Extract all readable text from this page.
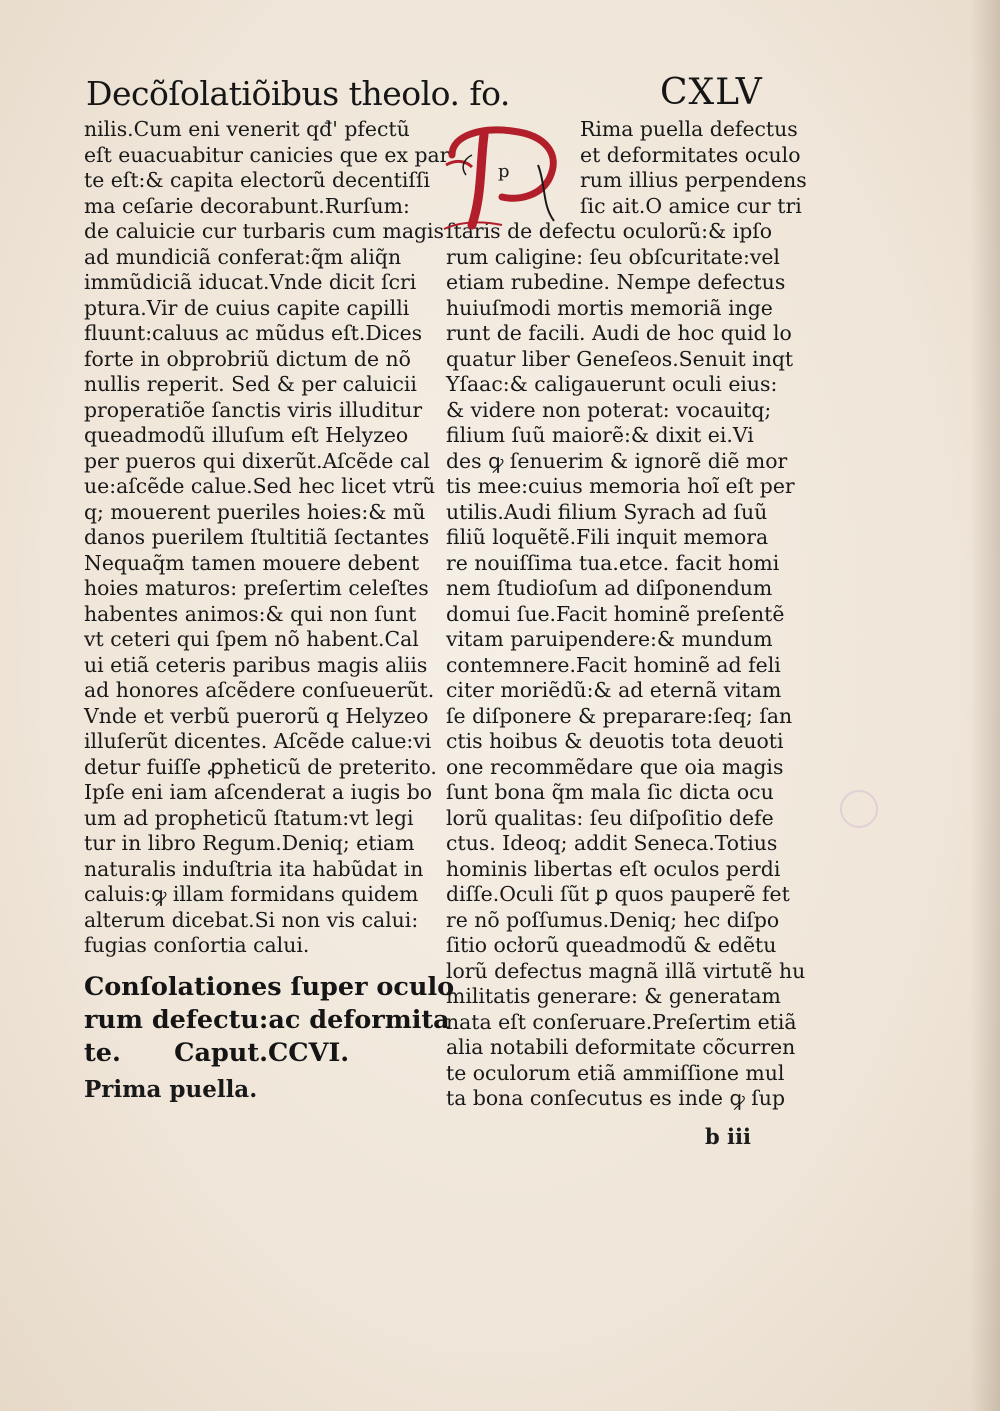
Decõſolatiõibus theolo. fo.	CXLV
nilis.Cum eni venerit qđ' pfectũ
eſt euacuabitur canicies que ex par
te eſt:& capita electorũ decentiſſi
ma ceſarie decorabunt.Rurſum:
de caluicie cur turbaris cum magis
ad mundiciã conferat:q̃m aliq̃n
immũdiciã iducat.Vnde dicit ſcri
ptura.Vir de cuius capite capilli
fluunt:caluus ac mũdus eſt.Dices
forte in obprobriũ dictum de nõ
nullis reperit. Sed & per caluicii
properatiõe ſanctis viris illuditur
queadmodũ illuſum eſt Helyzeo
per pueros qui dixerũt.Aſcẽde cal
ue:aſcẽde calue.Sed hec licet vtrũ
q; mouerent pueriles hoies:& mũ
danos puerilem ſtultitiã ſectantes
Nequaq̃m tamen mouere debent
hoies maturos: preſertim celeſtes
habentes animos:& qui non ſunt
vt ceteri qui ſpem nõ habent.Cal
ui etiã ceteris paribus magis aliis
ad honores aſcẽdere conſueuerũt.
Vnde et verbũ puerorũ q Helyzeo
illuſerũt dicentes. Aſcẽde calue:vi
detur fuiſſe ꝓpheticũ de preterito.
Ipſe eni iam aſcenderat a iugis bo
um ad propheticũ ſtatum:vt legi
tur in libro Regum.Deniq; etiam
naturalis induſtria ita habũdat in
caluis:ꝙ illam formidans quidem
alterum dicebat.Si non vis calui:
fugias conſortia calui.
Conſolationes ſuper oculo
rum defectu:ac deformita
te.      Caput.CCVI.
Prima puella.
p
Rima puella defectus
et deformitates oculo
rum illius perpendens
ſic ait.O amice cur tri
ſtaris de defectu oculorũ:& ipſo
rum caligine: ſeu obſcuritate:vel
etiam rubedine. Nempe defectus
huiuſmodi mortis memoriã inge
runt de facili. Audi de hoc quid lo
quatur liber Geneſeos.Senuit inqt
Yſaac:& caligauerunt oculi eius:
& videre non poterat: vocauitq;
filium ſuũ maiorẽ:& dixit ei.Vi
des ꝙ ſenuerim & ignorẽ diẽ mor
tis mee:cuius memoria hoĩ eſt per
utilis.Audi filium Syrach ad ſuũ
filiũ loquẽtẽ.Fili inquit memora
re nouiſſima tua.etce. facit homi
nem ſtudioſum ad diſponendum
domui ſue.Facit hominẽ preſentẽ
vitam paruipendere:& mundum
contemnere.Facit hominẽ ad feli
citer moriẽdũ:& ad eternã vitam
ſe diſponere & preparare:ſeq; ſan
ctis hoibus & deuotis tota deuoti
one recommẽdare que oia magis
ſunt bona q̃m mala ſic dicta ocu
lorũ qualitas: ſeu diſpoſitio defe
ctus. Ideoq; addit Seneca.Totius
hominis libertas eſt oculos perdi
diſſe.Oculi ſũt ꝑ quos pauperẽ fet
re nõ poſſumus.Deniq; hec diſpo
ſitio ocłorũ queadmodũ & edẽtu
lorũ defectus magnã illã virtutẽ hu
militatis generare: & generatam
nata eſt conſeruare.Preſertim etiã
alia notabili deformitate cõcurren
te oculorum etiã ammiſſione mul
ta bona conſecutus es inde ꝙ ſup
b iii
